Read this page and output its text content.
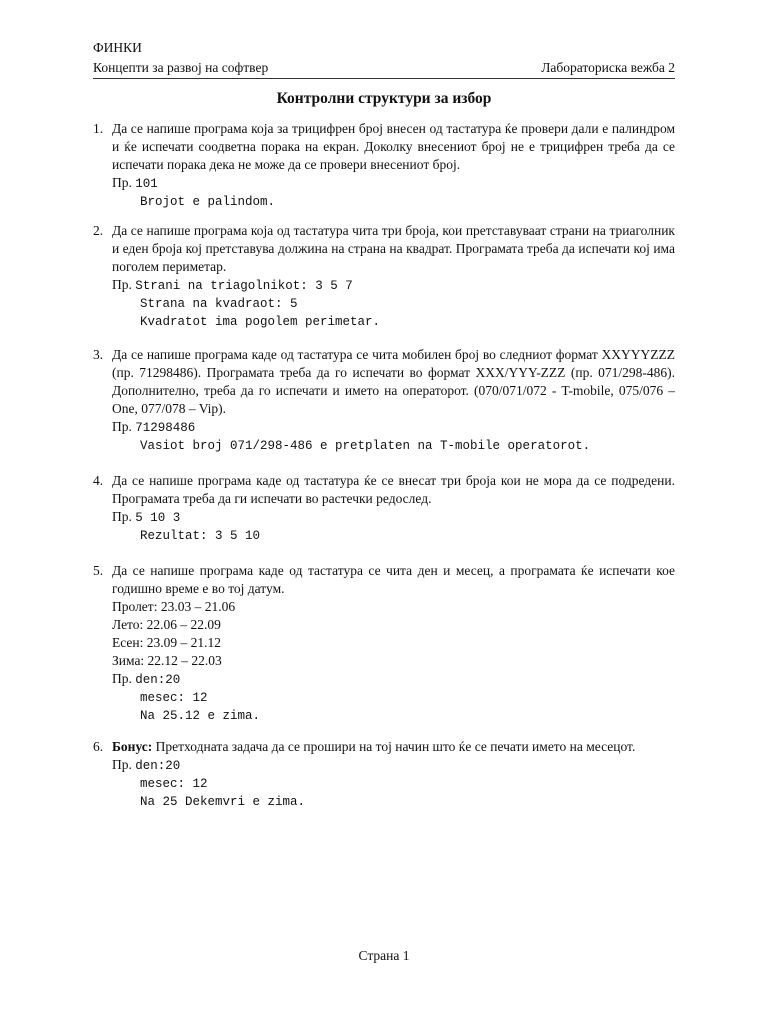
ФИНКИ
Концепти за развој на софтвер	Лабораториска вежба 2
Контролни структури за избор
1. Да се напише програма која за трицифрен број внесен од тастатура ќе провери дали е палиндром и ќе испечати соодветна порака на екран. Доколку внесениот број не е трицифрен треба да се испечати порака дека не може да се провери внесениот број.
Пр. 101
Brojot e palindom.
2. Да се напише програма која од тастатура чита три броја, кои претставуваат страни на триаголник и еден броја кој претставува должина на страна на квадрат. Програмата треба да испечати кој има поголем периметар.
Пр. Strani na triagolnikot: 3 5 7
Strana na kvadraot: 5
Kvadratot ima pogolem perimetar.
3. Да се напише програма каде од тастатура се чита мобилен број во следниот формат XXYYYZZZ (пр. 71298486). Програмата треба да го испечати во формат XXX/YYY-ZZZ (пр. 071/298-486). Дополнително, треба да го испечати и името на операторот. (070/071/072 - T-mobile, 075/076 – One, 077/078 – Vip).
Пр. 71298486
Vasiot broj 071/298-486 e pretplaten na T-mobile operatorot.
4. Да се напише програма каде од тастатура ќе се внесат три броја кои не мора да се подредени. Програмата треба да ги испечати во растечки редослед.
Пр. 5 10 3
Rezultat: 3 5 10
5. Да се напише програма каде од тастатура се чита ден и месец, а програмата ќе испечати кое годишно време е во тој датум.
Пролет: 23.03 – 21.06
Лето: 22.06 – 22.09
Есен: 23.09 – 21.12
Зима: 22.12 – 22.03
Пр. den:20
mesec: 12
Na 25.12 e zima.
6. Бонус: Претходната задача да се прошири на тој начин што ќе се печати името на месецот.
Пр. den:20
mesec: 12
Na 25 Dekemvri e zima.
Страна 1
